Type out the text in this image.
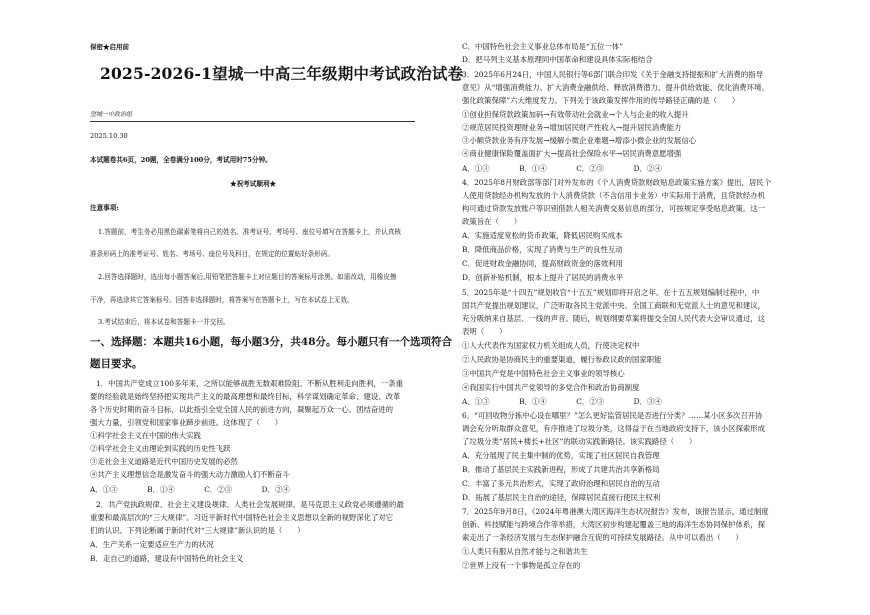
保密★启用前
2025-2026-1望城一中高三年级期中考试政治试卷
望城一中政治组
2025.10.30
本试题卷共6页，20题，全卷满分100分，考试用时75分钟。
★祝考试顺利★
注意事项:
1.答题前，考生务必用黑色碳素笔将自己的姓名、准考证号、考场号、座位号填写在答题卡上，并认真核
准条形码上的准考证号、姓名、考场号、座位号及科目，在规定的位置贴好条形码。
2.回答选择题时，选出每小题答案后,用铅笔把答题卡上对应题目的答案标号涂黑。如需改动，用橡皮擦
干净，再选涂其它答案标号。回答非选择题时，将答案写在答题卡上，写在本试卷上无效。
3.考试结束后，将本试卷和答题卡一并交回。
一、选择题：本题共16小题，每小题3分，共48分。每小题只有一个选项符合
题目要求。
1．中国共产党成立100多年来，之所以能够战胜无数艰难险阻、不断从胜利走向胜利，一条重
要的经验就是始终坚持把实现共产主义的最高理想和最终目标，科学谋划确定革命、建设、改革
各个历史时期的奋斗目标，以此指引全党全国人民的前进方向，凝聚起万众一心、团结奋进的
强大力量，引领党和国家事业蹄步前进。这体现了（　　）
①科学社会主义在中国的伟大实践
②科学社会主义由理论到实践的历史性飞跃
③走社会主义道路是近代中国历史发展的必然
④共产主义理想信念是激发奋斗的强大动力激励人们不断奋斗
A．①③　　　　B．①④　　　　C．②③　　　　D．②④
2．共产党执政规律、社会主义建设规律、人类社会发展规律，是马克思主义政党必须遵循的最
重要和最高层次的“三大规律”。习近平新时代中国特色社会主义思想以全新的视野深化了对它
们的认识。下列论断属于新时代对“三大规律”新认识的是（　　）
A．生产关系一定要适应生产力的状况
B．走自己的道路，建设有中国特色的社会主义
C．中国特色社会主义事业总体布局是“五位一体”
D．把马列主义基本原理同中国革命和建设具体实际相结合
3．2025年6月24日，中国人民银行等6部门联合印发《关于金融支持提振和扩大消费的指导
意见》从“增强消费能力、扩大消费金融供给、释放消费潜力、提升供给效能、优化消费环境、
强化政策保障”六大维度发力。下列关于该政策发挥作用的传导路径正确的是（　　）
①创业担保贷款政策加码→有效带动社会就业→个人与企业的收入提升
②规范居民投资理财业务→增加居民财产性收入→提升居民消费能力
③小额贷款业务有序发展→缓解小微企业难题→增添小微企业的发展信心
④商业健康保险覆盖面扩大→提高社会保险水平→居民消费意愿增强
A．①③　　　　B．①④　　　　C．②③　　　　D．②④
4．2025年8月财政部等部门对外发布的《个人消费贷款财政贴息政策实施方案》提出，居民个
人使用贷款经办机构发放的个人消费贷款（不含信用卡业务）中实际用于消费，且贷款经办机
构可通过贷款发放账户等识别借款人相关消费交易信息的部分，可按规定享受贴息政策。这一
政策旨在（　　）
A．实施适度宽松的货币政策，降低居民购买成本
B．降低商品价格，实现了消费与生产的良性互动
C．促进财政金融协同，提高财政资金的落效利用
D．创新补贴机制，根本上提升了居民的消费水平
5．2025年是“十四五”规划收官“十五五”规划即将开启之年。在十五五规划编制过程中，中
国共产党提出规划建议，广泛听取各民主党派中央、全国工商联和无党派人士的意见和建议，
充分吸纳来自基层、一线的声音。随后，规划纲要草案将提交全国人民代表大会审议通过，这
表明（　　）
①人大代表作为国家权力机关组成人员，行使决定权中
②人民政协是协商民主的重要渠道，履行参政议政的国家职能
③中国共产党是中国特色社会主义事业的领导核心
④我国实行中国共产党领导的多党合作和政治协商制度
A．①③　　　　B．①④　　　　C．②③　　　　D．③④
6．“可回收物分拣中心设在哪里？”怎么更好监管居民是否进行分类？……某小区多次召开协
调会充分听取群众意见，有序推进了垃圾分类，这得益于在当地政府支持下，该小区探索形成
了垃圾分类“居民+楼长+社区”的联动实践新路径。该实践路径（　　）
A．充分展现了民主集中制的优势，实现了社区居民自我管理
B．推动了基层民主实践新进程，形成了共建共治共享新格局
C．丰富了多元共治形式，实现了政府治理和居民自治的互动
D．拓展了基层民主自治的途径，保障居民直接行使民主权利
7．2025年9月8日，《2024年粤港澳大湾区海洋生态状况报告》发布，该报告显示，通过制度
创新、科技赋能与跨境合作等举措，大湾区初步构建起覆盖三地的海洋生态协同保护体系，探
索走出了一条经济发展与生态保护融合互促的可持续发展路径。从中可以看出（　　）
①人类只有服从自然才能与之和谐共生
②世界上没有一个事物是孤立存在的
